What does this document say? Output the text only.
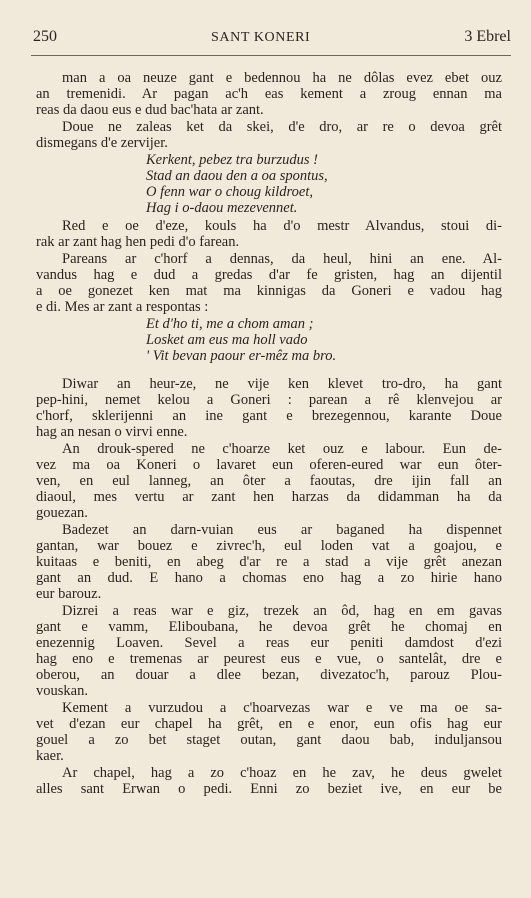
250	SANT KONERI	3 Ebrel
man a oa neuze gant e bedennou ha ne dôlas evez ebet ouz
an tremenidi. Ar pagan ac'h eas kement a zroug ennan ma
reas da daou eus e dud bac'hata ar zant.
Doue ne zaleas ket da skei, d'e dro, ar re o devoa grêt
dismegans d'e zervijer.
Kerkent, pebez tra burzudus !
Stad an daou den a oa spontus,
O fenn war o choug kildroet,
Hag i o-daou mezevennet.
Red e oe d'eze, kouls ha d'o mestr Alvandus, stoui di-
rak ar zant hag hen pedi d'o farean.
Pareans ar c'horf a dennas, da heul, hini an ene. Al-
vandus hag e dud a gredas d'ar fe gristen, hag an dijentil
a oe gonezet ken mat ma kinnigas da Goneri e vadou hag
e di. Mes ar zant a respontas :
Et d'ho ti, me a chom aman ;
Losket am eus ma holl vado
' Vit bevan paour er-mêz ma bro.
Diwar an heur-ze, ne vije ken klevet tro-dro, ha gant
pep-hini, nemet kelou a Goneri : parean a rê klenvejou ar
c'horf, sklerijenni an ine gant e brezegennou, karante Doue
hag an nesan o virvi enne.
An drouk-spered ne c'hoarze ket ouz e labour. Eun de-
vez ma oa Koneri o lavaret eun oferen-eured war eun ôter-
ven, en eul lanneg, an ôter a faoutas, dre ijin fall an
diaoul, mes vertu ar zant hen harzas da didamman ha da
gouezan.
Badezet an darn-vuian eus ar baganed ha dispennet
gantan, war bouez e zivrec'h, eul loden vat a goajou, e
kuitaas e beniti, en abeg d'ar re a stad a vije grêt anezan
gant an dud. E hano a chomas eno hag a zo hirie hano
eur barouz.
Dizrei a reas war e giz, trezek an ôd, hag en em gavas
gant e vamm, Eliboubana, he devoa grêt he chomaj en
enezennig Loaven. Sevel a reas eur peniti damdost d'ezi
hag eno e tremenas ar peurest eus e vue, o santelât, dre e
oberou, an douar a dlee bezan, divezatoc'h, parouz Plou-
vouskan.
Kement a vurzudou a c'hoarvezas war e ve ma oe sa-
vet d'ezan eur chapel ha grêt, en e enor, eun ofis hag eur
gouel a zo bet staget outan, gant daou bab, induljansou
kaer.
Ar chapel, hag a zo c'hoaz en he zav, he deus gwelet
alles sant Erwan o pedi. Enni zo beziet ive, en eur be
